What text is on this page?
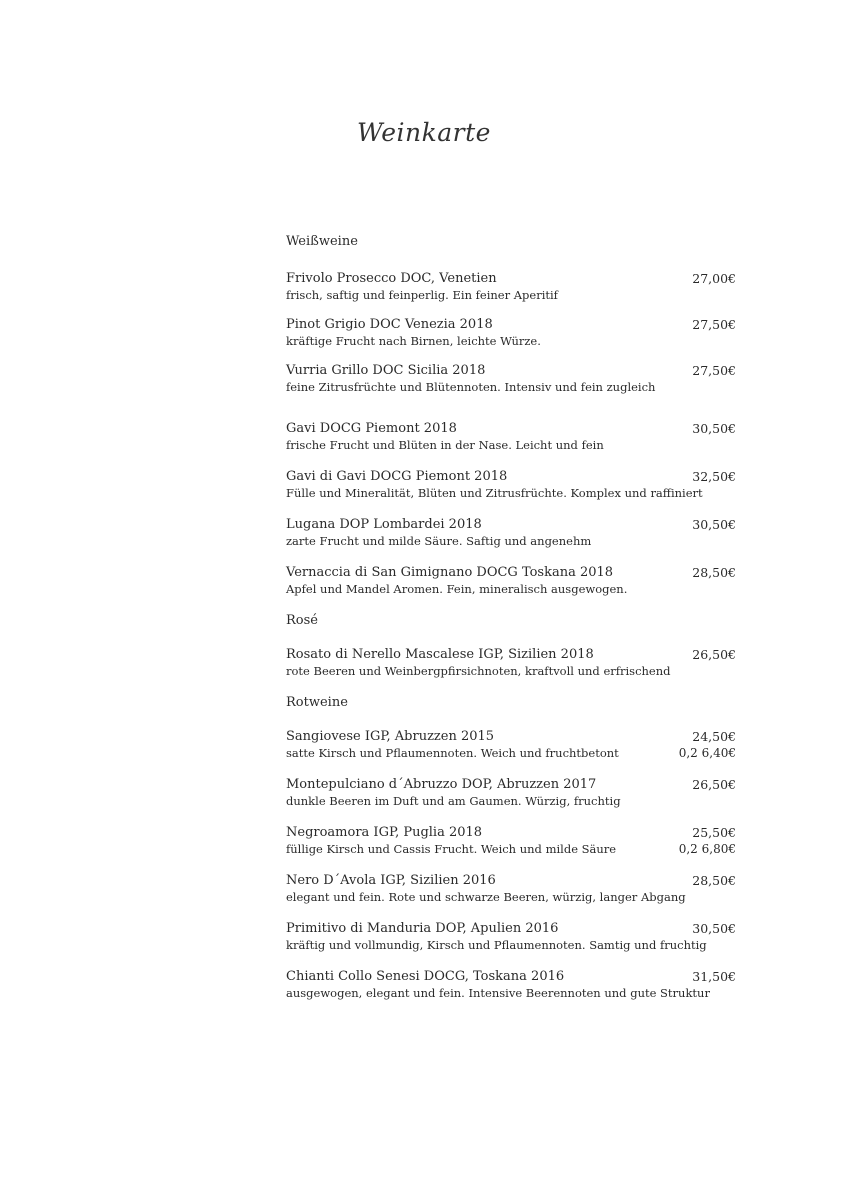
Weinkarte
Weißweine
Frivolo Prosecco DOC, Venetien
frisch, saftig und feinperlig. Ein feiner Aperitif
27,00€
Pinot Grigio DOC Venezia 2018
kräftige Frucht nach Birnen, leichte Würze.
27,50€
Vurria Grillo DOC Sicilia 2018
feine Zitrusfrüchte und Blütennoten. Intensiv und fein zugleich
27,50€
Gavi DOCG Piemont 2018
frische Frucht und Blüten in der Nase. Leicht und fein
30,50€
Gavi di Gavi DOCG Piemont 2018
Fülle und Mineralität, Blüten und Zitrusfrüchte. Komplex und raffiniert
32,50€
Lugana DOP Lombardei 2018
zarte Frucht und milde Säure. Saftig und angenehm
30,50€
Vernaccia di San Gimignano DOCG Toskana 2018
Apfel und Mandel Aromen. Fein, mineralisch ausgewogen.
28,50€
Rosé
Rosato di Nerello Mascalese IGP, Sizilien 2018
rote Beeren und Weinbergpfirsichnoten, kraftvoll und erfrischend
26,50€
Rotweine
Sangiovese IGP, Abruzzen 2015
satte Kirsch und Pflaumennoten. Weich und fruchtbetont
24,50€
0,2 6,40€
Montepulciano d´Abruzzo DOP, Abruzzen 2017
dunkle Beeren im Duft und am Gaumen. Würzig, fruchtig
26,50€
Negroamora IGP, Puglia 2018
füllige Kirsch und Cassis Frucht. Weich und milde Säure
25,50€
0,2 6,80€
Nero D´Avola IGP, Sizilien 2016
elegant und fein. Rote und schwarze Beeren, würzig, langer Abgang
28,50€
Primitivo di Manduria DOP, Apulien 2016
kräftig und vollmundig, Kirsch und Pflaumennoten. Samtig und fruchtig
30,50€
Chianti Collo Senesi DOCG, Toskana 2016
ausgewogen, elegant und fein. Intensive Beerennoten und gute Struktur
31,50€
